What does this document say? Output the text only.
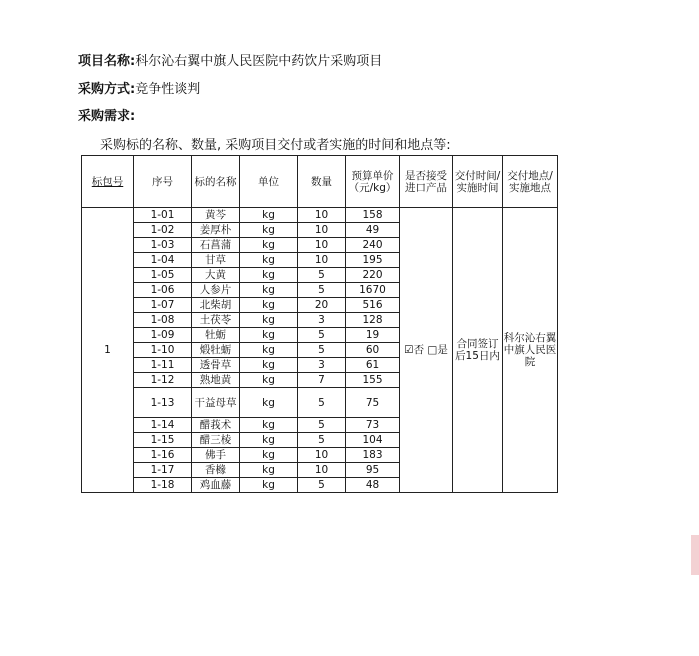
项目名称:科尔沁右翼中旗人民医院中药饮片采购项目
采购方式:竞争性谈判
采购需求:
采购标的名称、数量, 采购项目交付或者实施的时间和地点等:
标包号	序号	标的名称	单位	数量	预算单价（元/kg）	是否接受进口产品	交付时间/实施时间	交付地点/实施地点
1	1-01	黄芩	kg	10	158	☑否 □是	合同签订后15日内	科尔沁右翼中旗人民医院
	1-02	姜厚朴	kg	10	49			
	1-03	石菖蒲	kg	10	240			
	1-04	甘草	kg	10	195			
	1-05	大黄	kg	5	220			
	1-06	人参片	kg	5	1670			
	1-07	北柴胡	kg	20	516			
	1-08	土茯苓	kg	3	128			
	1-09	牡蛎	kg	5	19			
	1-10	煅牡蛎	kg	5	60			
	1-11	透骨草	kg	3	61			
	1-12	熟地黄	kg	7	155			
	1-13	干益母草	kg	5	75			
	1-14	醋莪术	kg	5	73			
	1-15	醋三棱	kg	5	104			
	1-16	佛手	kg	10	183			
	1-17	香橼	kg	10	95			
	1-18	鸡血藤	kg	5	48			
